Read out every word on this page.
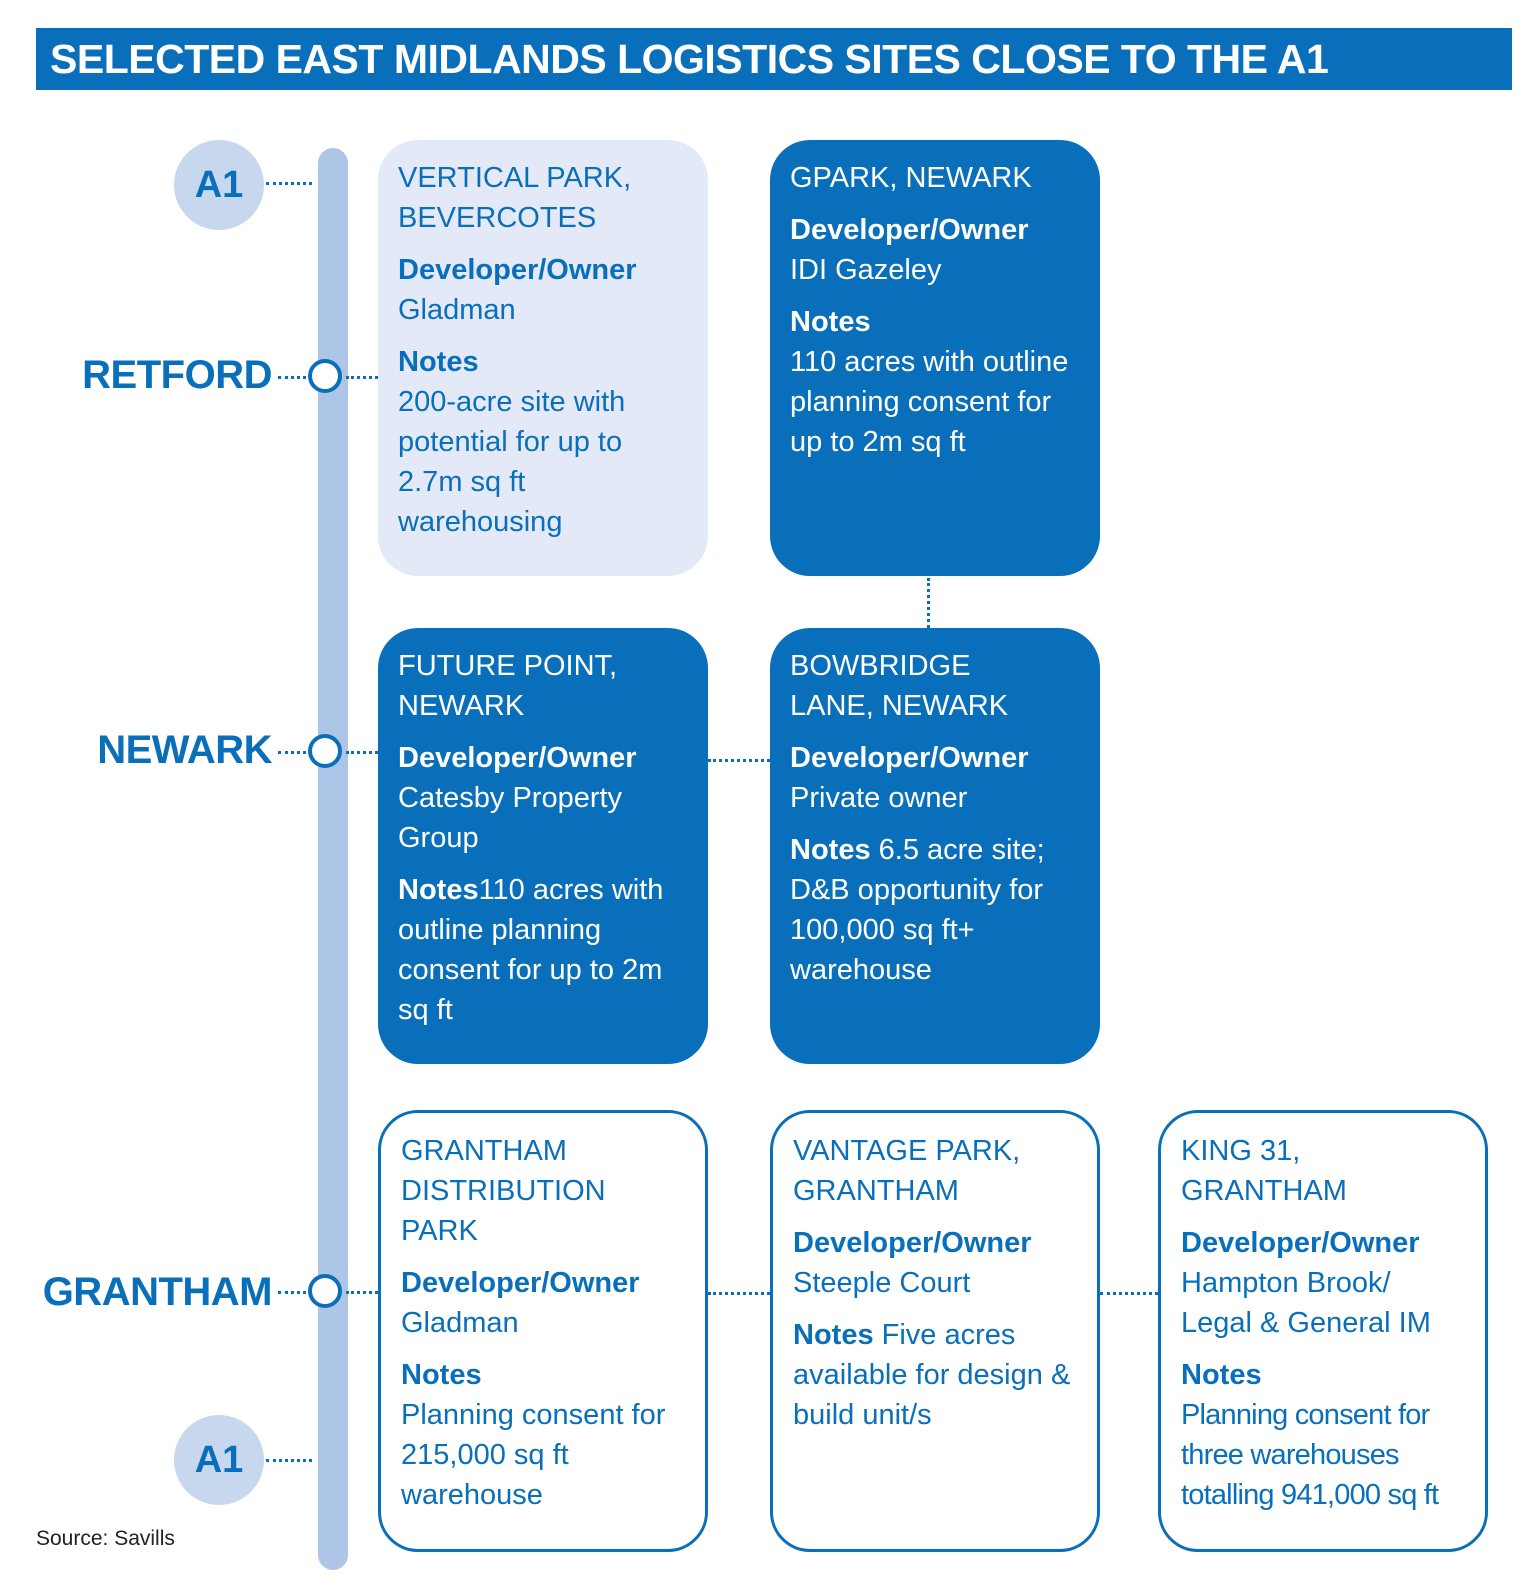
SELECTED EAST MIDLANDS LOGISTICS SITES CLOSE TO THE A1
A1
A1
RETFORD
NEWARK
GRANTHAM
VERTICAL PARK,
BEVERCOTES
Developer/Owner
Gladman
Notes
200-acre site with potential for up to 2.7m sq ft warehousing
GPARK, NEWARK
Developer/Owner
IDI Gazeley
Notes
110 acres with outline planning consent for up to 2m sq ft
FUTURE POINT,
NEWARK
Developer/Owner
Catesby Property Group
Notes110 acres with outline planning consent for up to 2m sq ft
BOWBRIDGE
LANE, NEWARK
Developer/Owner
Private owner
Notes 6.5 acre site; D&B opportunity for 100,000 sq ft+ warehouse
GRANTHAM
DISTRIBUTION
PARK
Developer/Owner
Gladman
Notes
Planning consent for 215,000 sq ft warehouse
VANTAGE PARK,
GRANTHAM
Developer/Owner
Steeple Court
Notes Five acres available for design & build unit/s
KING 31,
GRANTHAM
Developer/Owner
Hampton Brook/ Legal & General IM
Notes
Planning consent for three warehouses totalling 941,000 sq ft
Source: Savills
